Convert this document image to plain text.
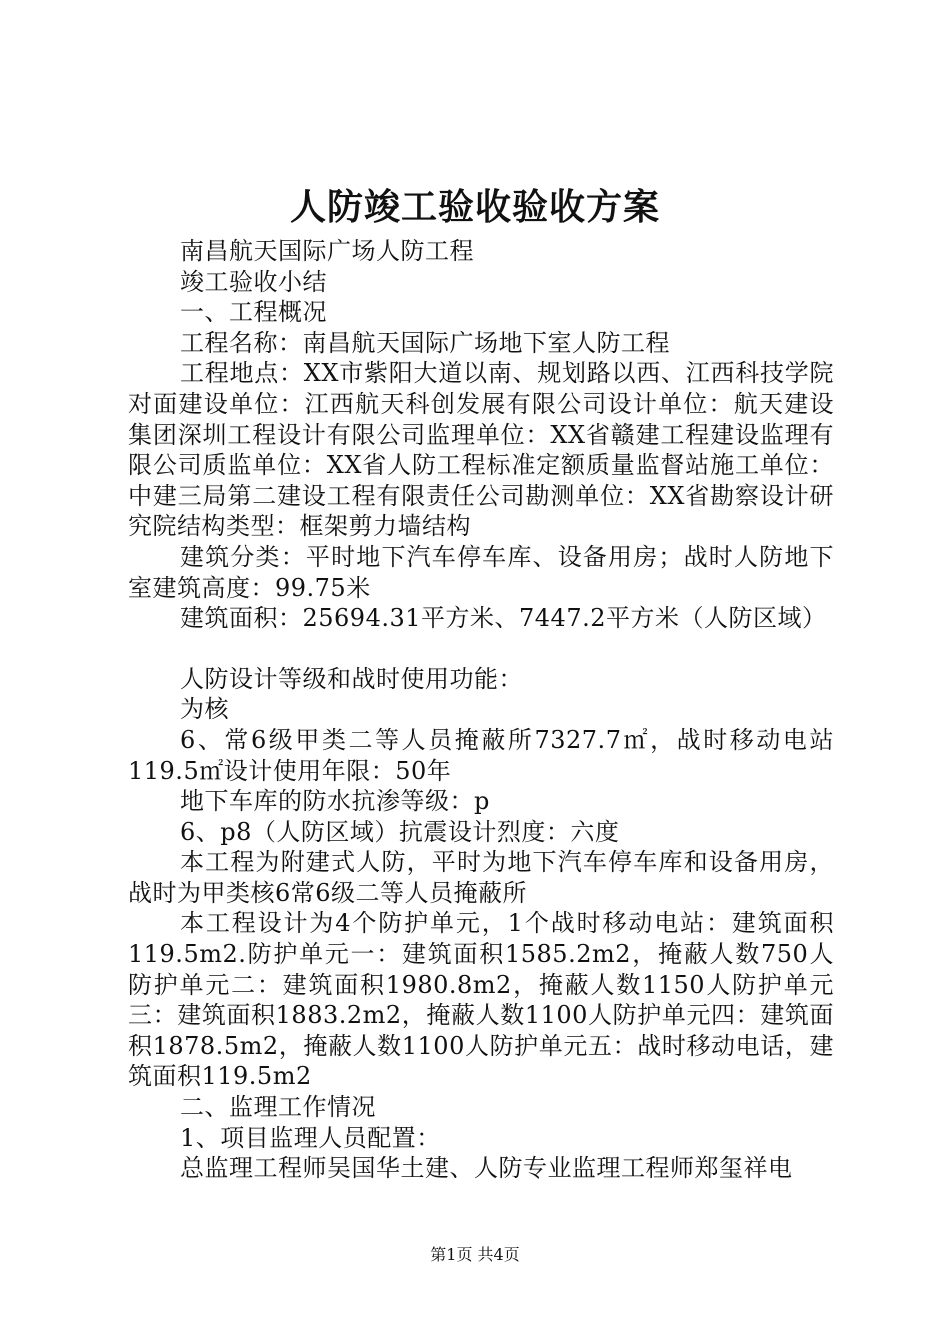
人防竣工验收验收方案

南昌航天国际广场人防工程

竣工验收小结

一、工程概况

工程名称：南昌航天国际广场地下室人防工程

工程地点：XX市紫阳大道以南、规划路以西、江西科技学院对面建设单位：江西航天科创发展有限公司设计单位：航天建设集团深圳工程设计有限公司监理单位：XX省赣建工程建设监理有限公司质监单位：XX省人防工程标准定额质量监督站施工单位：中建三局第二建设工程有限责任公司勘测单位：XX省勘察设计研究院结构类型：框架剪力墙结构

建筑分类：平时地下汽车停车库、设备用房；战时人防地下室建筑高度：99.75米

建筑面积：25694.31平方米、7447.2平方米（人防区域）

人防设计等级和战时使用功能：

为核

6、常6级甲类二等人员掩蔽所7327.7㎡，战时移动电站119.5㎡设计使用年限：50年

地下车库的防水抗渗等级：p

6、p8（人防区域）抗震设计烈度：六度

本工程为附建式人防，平时为地下汽车停车库和设备用房，战时为甲类核6常6级二等人员掩蔽所

本工程设计为4个防护单元，1个战时移动电站：建筑面积119.5m2.防护单元一：建筑面积1585.2m2，掩蔽人数750人防护单元二：建筑面积1980.8m2，掩蔽人数1150人防护单元三：建筑面积1883.2m2，掩蔽人数1100人防护单元四：建筑面积1878.5m2，掩蔽人数1100人防护单元五：战时移动电话，建筑面积119.5m2

二、监理工作情况

1、项目监理人员配置：

总监理工程师吴国华土建、人防专业监理工程师郑玺祥电

第1页 共4页
